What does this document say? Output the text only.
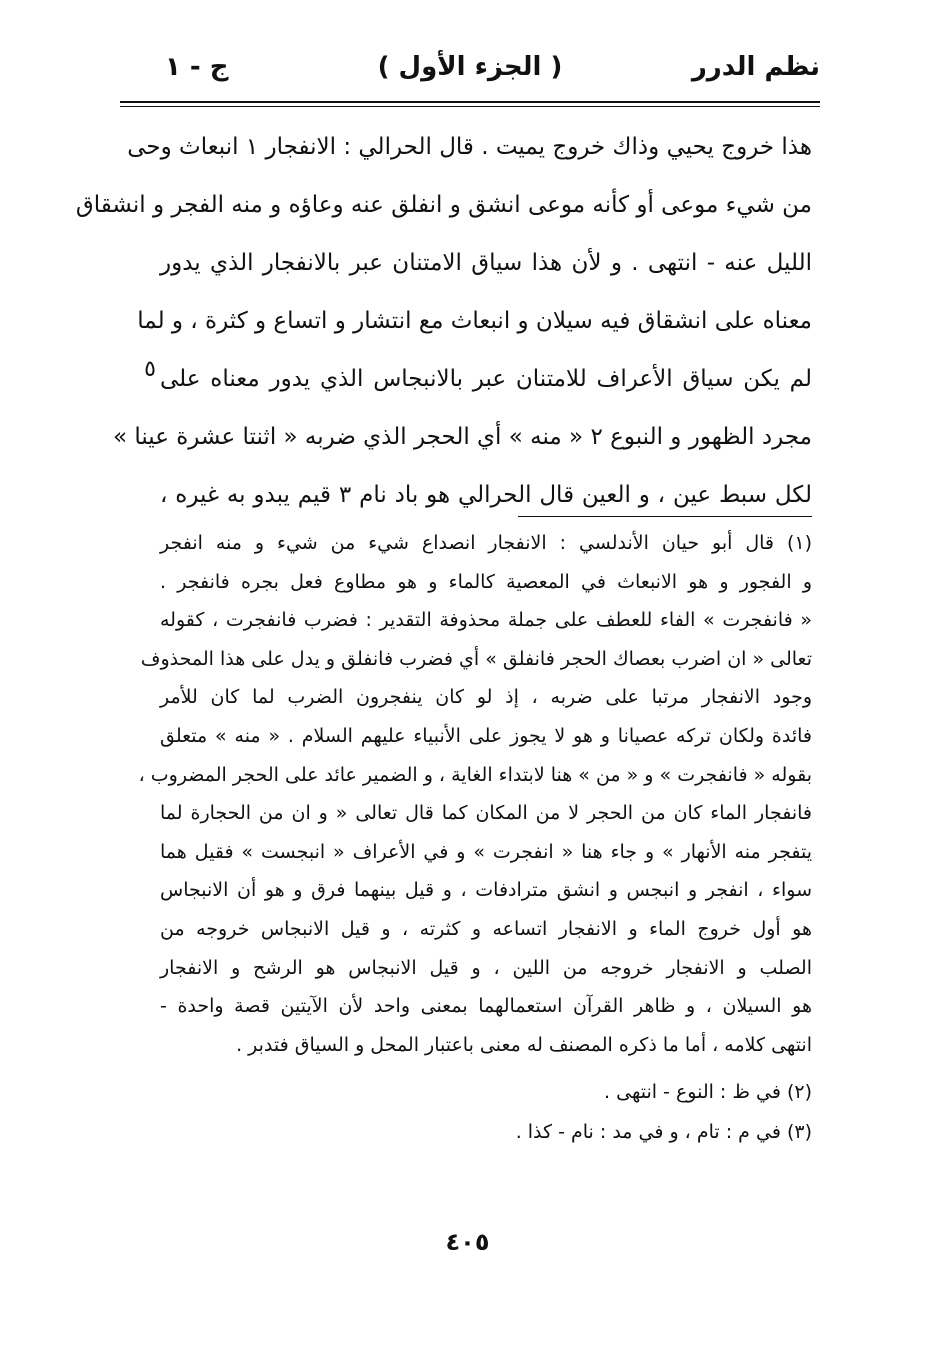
نظم الدرر
( الجزء الأول )
ج - ١
هذا خروج يحيي وذاك خروج يميت . قال الحرالي : الانفجار ١ انبعاث وحى
من شيء موعى أو كأنه موعى انشق و انفلق عنه وعاؤه و منه الفجر و انشقاق
الليل عنه - انتهى . و لأن هذا سياق الامتنان عبر بالانفجار الذي يدور
معناه على انشقاق فيه سيلان و انبعاث مع انتشار و اتساع و كثرة ، و لما
لم يكن سياق الأعراف للامتنان عبر بالانبجاس الذي يدور معناه على
مجرد الظهور و النبوع ٢ « منه » أي الحجر الذي ضربه « اثنتا عشرة عينا »
لكل سبط عين ، و العين قال الحرالي هو باد نام ٣ قيم يبدو به غيره ،
٥
(١) قال أبو حيان الأندلسي : الانفجار انصداع شيء من شيء و منه انفجر
و الفجور و هو الانبعاث في المعصية كالماء و هو مطاوع فعل بجره فانفجر .
« فانفجرت » الفاء للعطف على جملة محذوفة التقدير : فضرب فانفجرت ، كقوله
تعالى « ان اضرب بعصاك الحجر فانفلق » أي فضرب فانفلق و يدل على هذا المحذوف
وجود الانفجار مرتبا على ضربه ، إذ لو كان ينفجرون الضرب لما كان للأمر
فائدة ولكان تركه عصيانا و هو لا يجوز على الأنبياء عليهم السلام . « منه » متعلق
بقوله « فانفجرت » و « من » هنا لابتداء الغاية ، و الضمير عائد على الحجر المضروب ،
فانفجار الماء كان من الحجر لا من المكان كما قال تعالى « و ان من الحجارة لما
يتفجر منه الأنهار » و جاء هنا « انفجرت » و في الأعراف « انبجست » فقيل هما
سواء ، انفجر و انبجس و انشق مترادفات ، و قيل بينهما فرق و هو أن الانبجاس
هو أول خروج الماء و الانفجار اتساعه و كثرته ، و قيل الانبجاس خروجه من
الصلب و الانفجار خروجه من اللين ، و قيل الانبجاس هو الرشح و الانفجار
هو السيلان ، و ظاهر القرآن استعمالهما بمعنى واحد لأن الآيتين قصة واحدة -
انتهى كلامه ، أما ما ذكره المصنف له معنى باعتبار المحل و السياق فتدبر .
(٢) في ظ : النوع - انتهى .
(٣) في م : تام ، و في مد : نام - كذا .
٤٠٥
